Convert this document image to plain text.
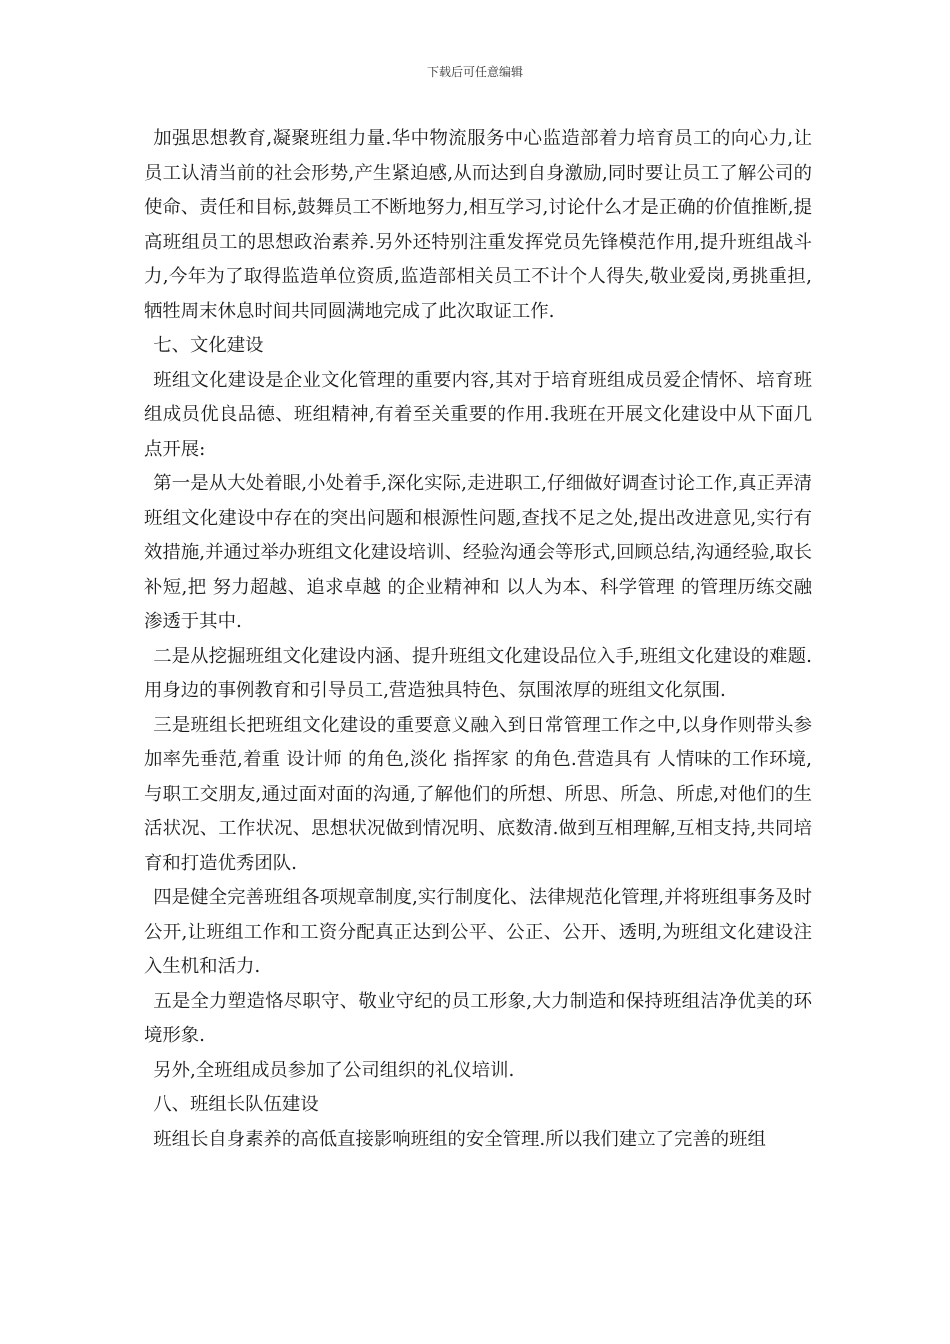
下载后可任意编辑

加强思想教育,凝聚班组力量.华中物流服务中心监造部着力培育员工的向心力,让员工认清当前的社会形势,产生紧迫感,从而达到自身激励,同时要让员工了解公司的使命、责任和目标,鼓舞员工不断地努力,相互学习,讨论什么才是正确的价值推断,提高班组员工的思想政治素养.另外还特别注重发挥党员先锋模范作用,提升班组战斗力,今年为了取得监造单位资质,监造部相关员工不计个人得失,敬业爱岗,勇挑重担,牺牲周末休息时间共同圆满地完成了此次取证工作.

七、文化建设

班组文化建设是企业文化管理的重要内容,其对于培育班组成员爱企情怀、培育班组成员优良品德、班组精神,有着至关重要的作用.我班在开展文化建设中从下面几点开展:

第一是从大处着眼,小处着手,深化实际,走进职工,仔细做好调查讨论工作,真正弄清班组文化建设中存在的突出问题和根源性问题,查找不足之处,提出改进意见,实行有效措施,并通过举办班组文化建设培训、经验沟通会等形式,回顾总结,沟通经验,取长补短,把 努力超越、追求卓越 的企业精神和 以人为本、科学管理 的管理历练交融渗透于其中.

二是从挖掘班组文化建设内涵、提升班组文化建设品位入手,班组文化建设的难题.用身边的事例教育和引导员工,营造独具特色、氛围浓厚的班组文化氛围.

三是班组长把班组文化建设的重要意义融入到日常管理工作之中,以身作则带头参加率先垂范,着重 设计师 的角色,淡化 指挥家 的角色.营造具有 人情味的工作环境,与职工交朋友,通过面对面的沟通,了解他们的所想、所思、所急、所虑,对他们的生活状况、工作状况、思想状况做到情况明、底数清.做到互相理解,互相支持,共同培育和打造优秀团队.

四是健全完善班组各项规章制度,实行制度化、法律规范化管理,并将班组事务及时公开,让班组工作和工资分配真正达到公平、公正、公开、透明,为班组文化建设注入生机和活力.

五是全力塑造恪尽职守、敬业守纪的员工形象,大力制造和保持班组洁净优美的环境形象.

另外,全班组成员参加了公司组织的礼仪培训.

八、班组长队伍建设

班组长自身素养的高低直接影响班组的安全管理.所以我们建立了完善的班组
